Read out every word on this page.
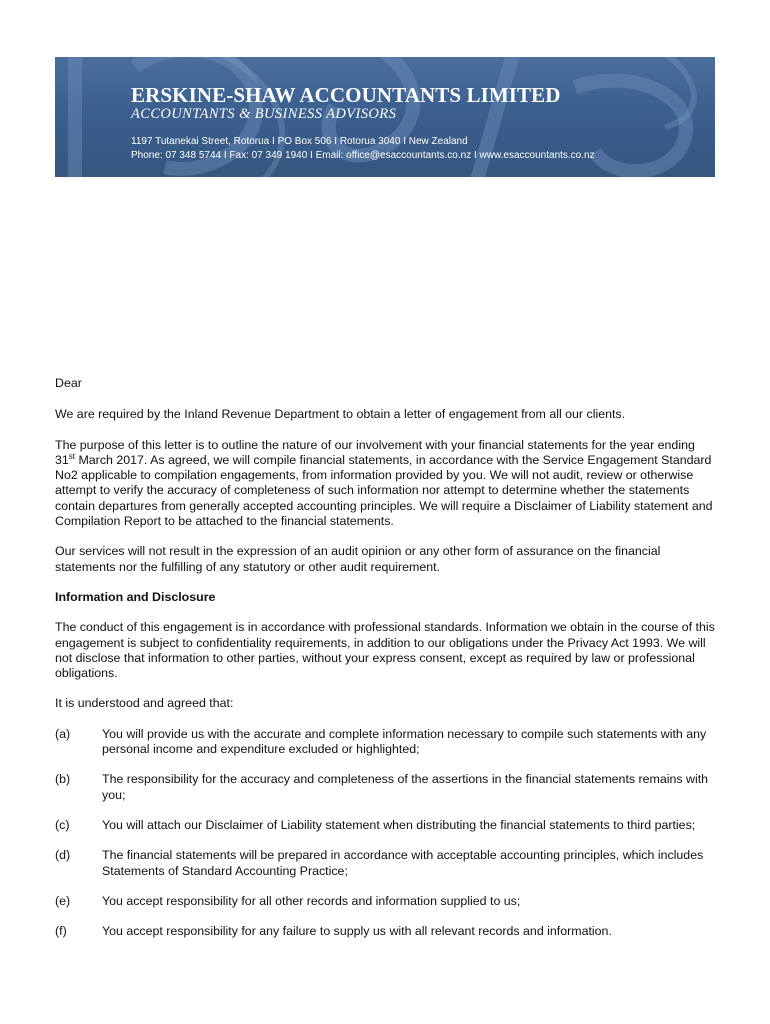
ERSKINE-SHAW ACCOUNTANTS LIMITED
ACCOUNTANTS & BUSINESS ADVISORS
1197 Tutanekai Street, Rotorua I PO Box 506 I Rotorua 3040 I New Zealand
Phone: 07 348 5744 I Fax: 07 349 1940 I Email: office@esaccountants.co.nz I www.esaccountants.co.nz

Dear

We are required by the Inland Revenue Department to obtain a letter of engagement from all our clients.

The purpose of this letter is to outline the nature of our involvement with your financial statements for the year ending 31st March 2017. As agreed, we will compile financial statements, in accordance with the Service Engagement Standard No2 applicable to compilation engagements, from information provided by you. We will not audit, review or otherwise attempt to verify the accuracy of completeness of such information nor attempt to determine whether the statements contain departures from generally accepted accounting principles. We will require a Disclaimer of Liability statement and Compilation Report to be attached to the financial statements.

Our services will not result in the expression of an audit opinion or any other form of assurance on the financial statements nor the fulfilling of any statutory or other audit requirement.

Information and Disclosure

The conduct of this engagement is in accordance with professional standards. Information we obtain in the course of this engagement is subject to confidentiality requirements, in addition to our obligations under the Privacy Act 1993. We will not disclose that information to other parties, without your express consent, except as required by law or professional obligations.

It is understood and agreed that:

(a)	You will provide us with the accurate and complete information necessary to compile such statements with any personal income and expenditure excluded or highlighted;
(b)	The responsibility for the accuracy and completeness of the assertions in the financial statements remains with you;
(c)	You will attach our Disclaimer of Liability statement when distributing the financial statements to third parties;
(d)	The financial statements will be prepared in accordance with acceptable accounting principles, which includes Statements of Standard Accounting Practice;
(e)	You accept responsibility for all other records and information supplied to us;
(f)	You accept responsibility for any failure to supply us with all relevant records and information.
